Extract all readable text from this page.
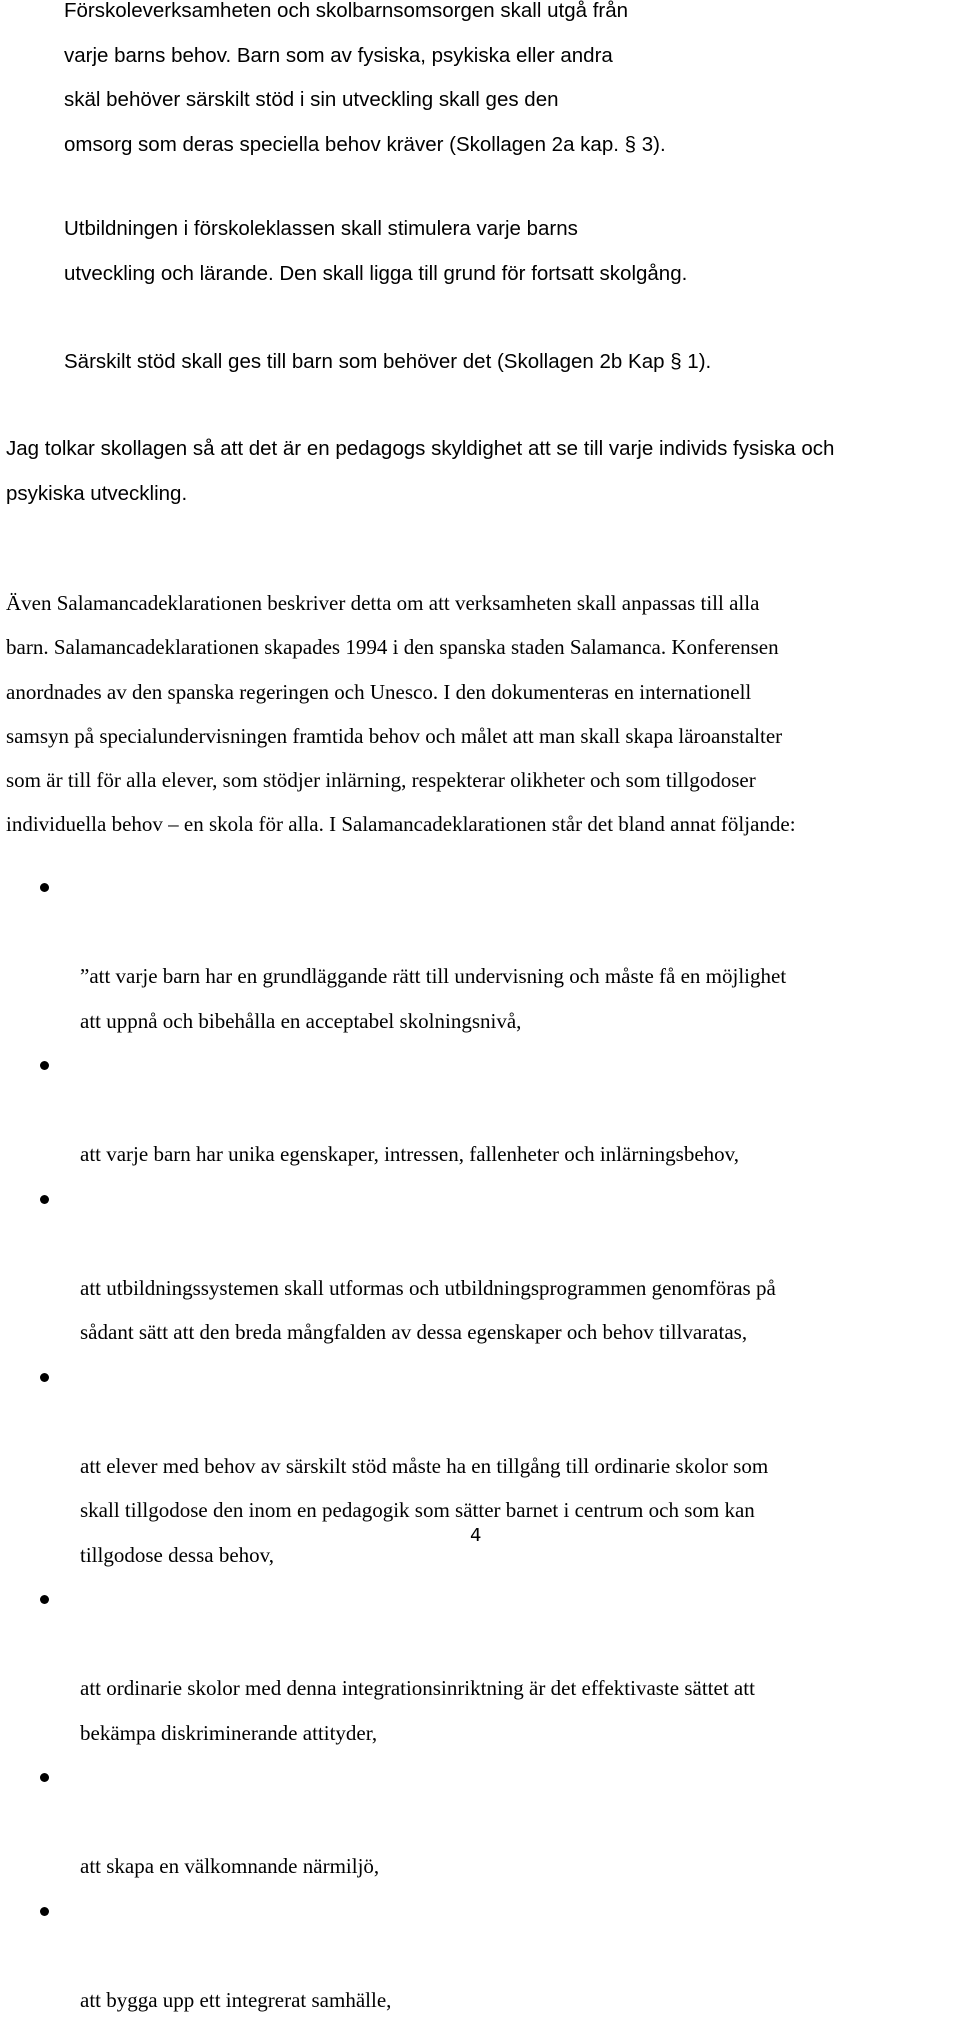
Förskoleverksamheten och skolbarnsomsorgen skall utgå från
varje barns behov. Barn som av fysiska, psykiska eller andra
skäl behöver särskilt stöd i sin utveckling skall ges den
omsorg som deras speciella behov kräver (Skollagen 2a kap. § 3).

Utbildningen i förskoleklassen skall stimulera varje barns
utveckling och lärande. Den skall ligga till grund för fortsatt skolgång.

Särskilt stöd skall ges till barn som behöver det (Skollagen 2b Kap § 1).

Jag tolkar skollagen så att det är en pedagogs skyldighet att se till varje individs fysiska och
psykiska utveckling.

Även Salamancadeklarationen beskriver detta om att verksamheten skall anpassas till alla
barn. Salamancadeklarationen skapades 1994 i den spanska staden Salamanca. Konferensen
anordnades av den spanska regeringen och Unesco. I den dokumenteras en internationell
samsyn på specialundervisningen framtida behov och målet att man skall skapa läroanstalter
som är till för alla elever, som stödjer inlärning, respekterar olikheter och som tillgodoser
individuella behov – en skola för alla. I Salamancadeklarationen står det bland annat följande:

”att varje barn har en grundläggande rätt till undervisning och måste få en möjlighet
att uppnå och bibehålla en acceptabel skolningsnivå,

att varje barn har unika egenskaper, intressen, fallenheter och inlärningsbehov,

att utbildningssystemen skall utformas och utbildningsprogrammen genomföras på
sådant sätt att den breda mångfalden av dessa egenskaper och behov tillvaratas,

att elever med behov av särskilt stöd måste ha en tillgång till ordinarie skolor som
skall tillgodose den inom en pedagogik som sätter barnet i centrum och som kan
tillgodose dessa behov,

att ordinarie skolor med denna integrationsinriktning är det effektivaste sättet att
bekämpa diskriminerande attityder,

att skapa en välkomnande närmiljö,

att bygga upp ett integrerat samhälle,

4
